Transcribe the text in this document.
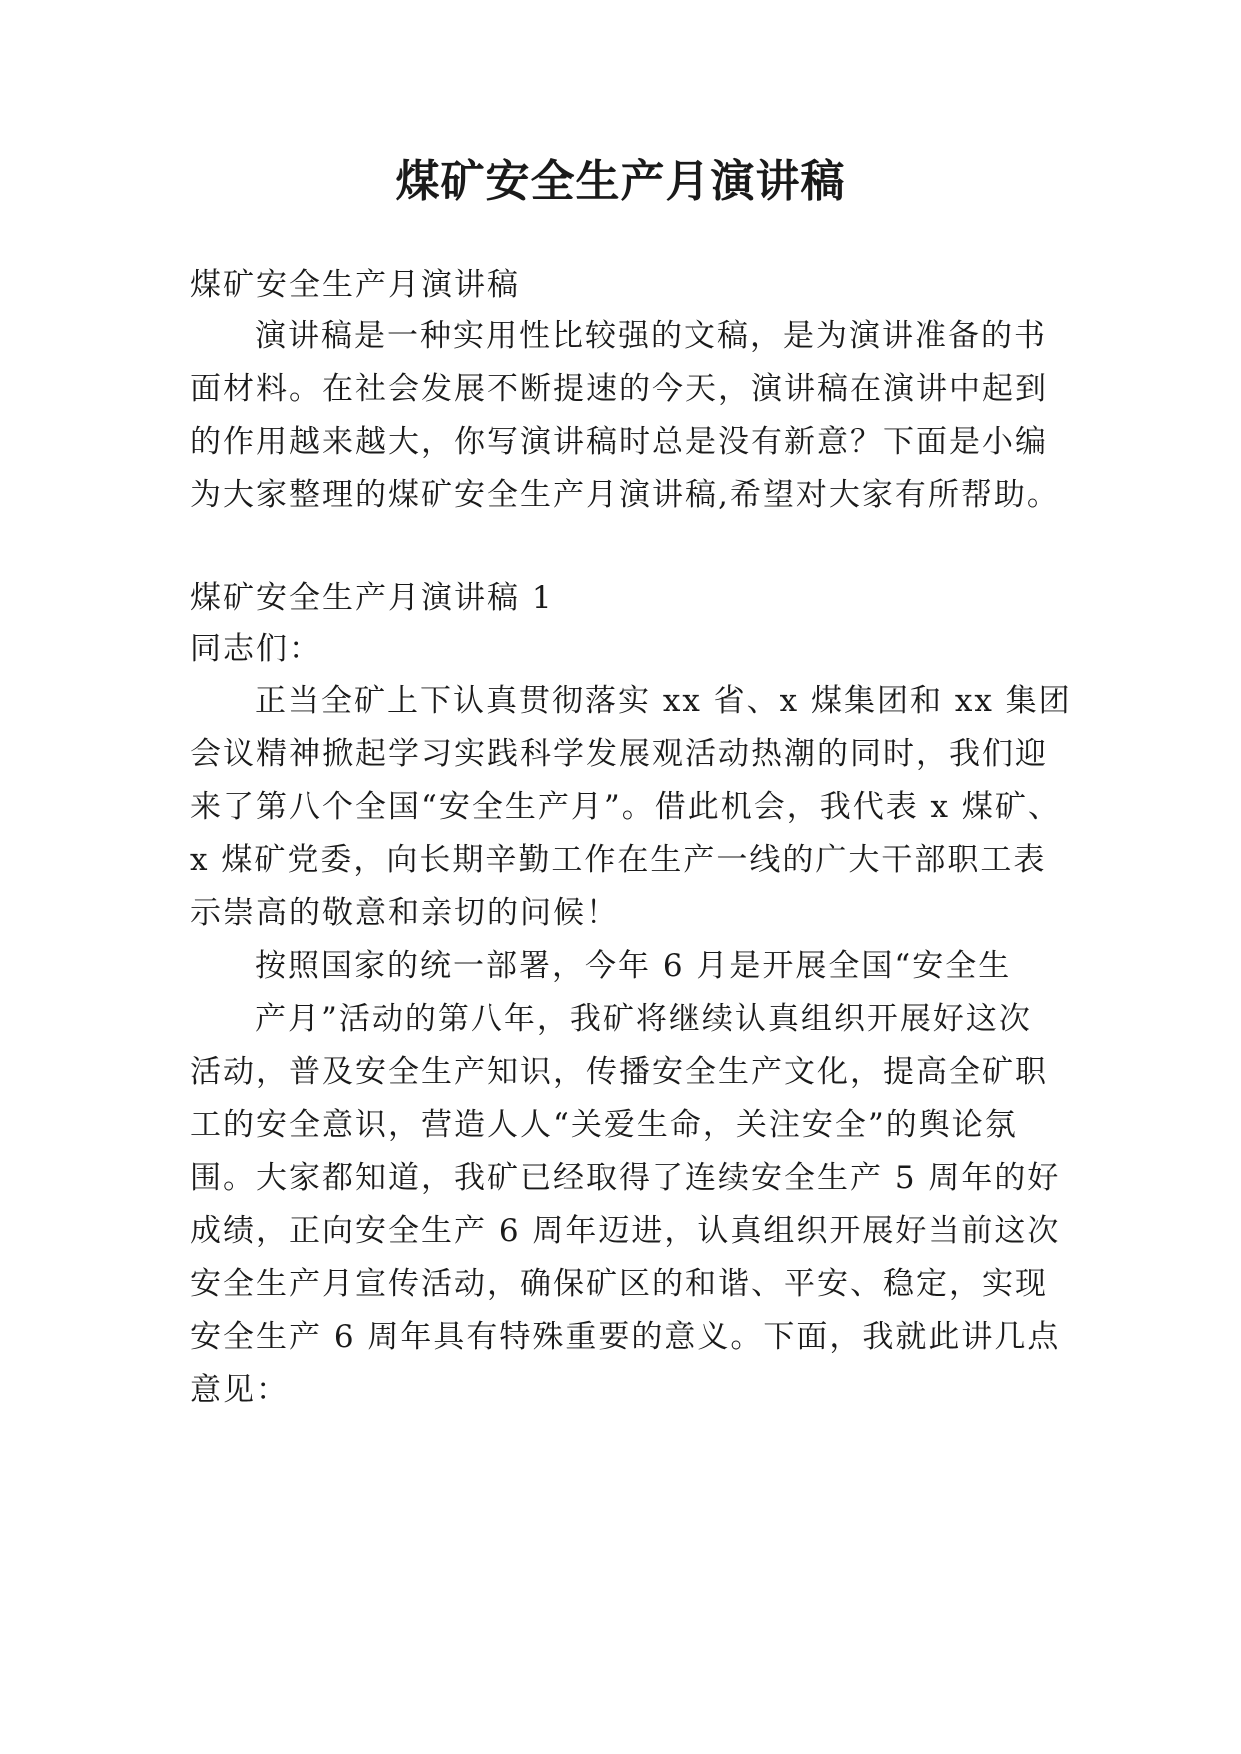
煤矿安全生产月演讲稿
煤矿安全生产月演讲稿
演讲稿是一种实用性比较强的文稿，是为演讲准备的书
面材料。在社会发展不断提速的今天，演讲稿在演讲中起到
的作用越来越大，你写演讲稿时总是没有新意？下面是小编
为大家整理的煤矿安全生产月演讲稿,希望对大家有所帮助。
煤矿安全生产月演讲稿 1
同志们：
正当全矿上下认真贯彻落实 xx 省、x 煤集团和 xx 集团
会议精神掀起学习实践科学发展观活动热潮的同时，我们迎
来了第八个全国“安全生产月”。借此机会，我代表 x 煤矿、
x 煤矿党委，向长期辛勤工作在生产一线的广大干部职工表
示崇高的敬意和亲切的问候！
按照国家的统一部署，今年 6 月是开展全国“安全生
产月”活动的第八年，我矿将继续认真组织开展好这次
活动，普及安全生产知识，传播安全生产文化，提高全矿职
工的安全意识，营造人人“关爱生命，关注安全”的舆论氛
围。大家都知道，我矿已经取得了连续安全生产 5 周年的好
成绩，正向安全生产 6 周年迈进，认真组织开展好当前这次
安全生产月宣传活动，确保矿区的和谐、平安、稳定，实现
安全生产 6 周年具有特殊重要的意义。下面，我就此讲几点
意见：
